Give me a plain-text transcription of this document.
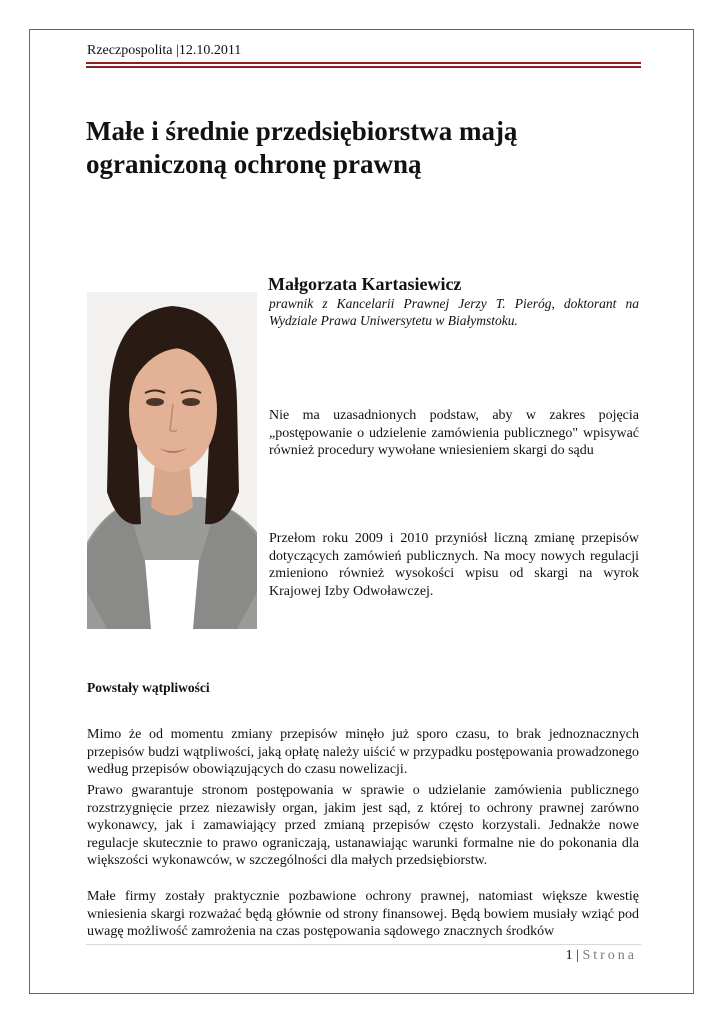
Rzeczpospolita |12.10.2011
Małe i średnie przedsiębiorstwa mają ograniczoną ochronę prawną
Małgorzata Kartasiewicz
prawnik z Kancelarii Prawnej Jerzy T. Pieróg, doktorant na Wydziale Prawa Uniwersytetu w Białymstoku.
Nie ma uzasadnionych podstaw, aby w zakres pojęcia „postępowanie o udzielenie zamówienia publicznego" wpisywać również procedury wywołane wniesieniem skargi do sądu
Przełom roku 2009 i 2010 przyniósł liczną zmianę przepisów dotyczących zamówień publicznych. Na mocy nowych regulacji zmieniono również wysokości wpisu od skargi na wyrok Krajowej Izby Odwoławczej.
Powstały wątpliwości

Mimo że od momentu zmiany przepisów minęło już sporo czasu, to brak jednoznacznych przepisów budzi wątpliwości, jaką opłatę należy uiścić w przypadku postępowania prowadzonego według przepisów obowiązujących do czasu nowelizacji.

Prawo gwarantuje stronom postępowania w sprawie o udzielanie zamówienia publicznego rozstrzygnięcie przez niezawisły organ, jakim jest sąd, z której to ochrony prawnej zarówno wykonawcy, jak i zamawiający przed zmianą przepisów często korzystali. Jednakże nowe regulacje skutecznie to prawo ograniczają, ustanawiając warunki formalne nie do pokonania dla większości wykonawców, w szczególności dla małych przedsiębiorstw.

Małe firmy zostały praktycznie pozbawione ochrony prawnej, natomiast większe kwestię wniesienia skargi rozważać będą głównie od strony finansowej. Będą bowiem musiały wziąć pod uwagę możliwość zamrożenia na czas postępowania sądowego znacznych środków

1 | Strona
